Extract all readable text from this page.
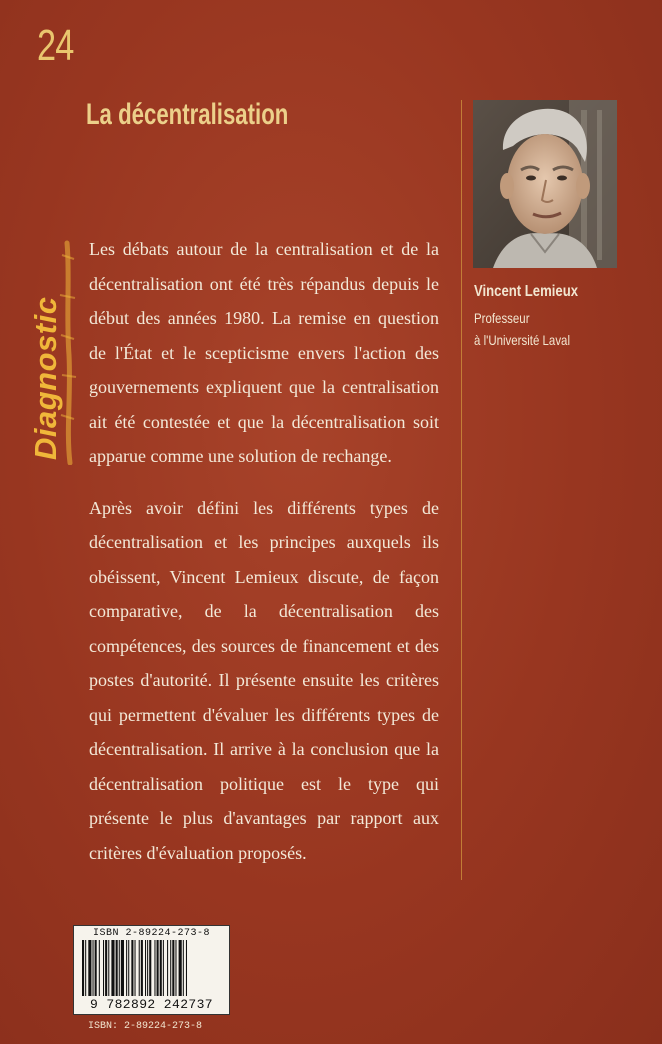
24
La décentralisation
Diagnostic

Les débats autour de la centralisation et de la décentralisation ont été très répandus depuis le début des années 1980. La remise en question de l'État et le scepticisme envers l'action des gouvernements expliquent que la centralisation ait été contestée et que la décentralisation soit apparue comme une solution de rechange.

Après avoir défini les différents types de décentralisation et les principes auxquels ils obéissent, Vincent Lemieux discute, de façon comparative, de la décentralisation des compétences, des sources de financement et des postes d'autorité. Il présente ensuite les critères qui permettent d'évaluer les différents types de décentralisation. Il arrive à la conclusion que la décentralisation politique est le type qui présente le plus d'avantages par rapport aux critères d'évaluation proposés.

Vincent Lemieux
Professeur
à l'Université Laval
ISBN 2-89224-273-8
9 782892 242737
ISBN: 2-89224-273-8
